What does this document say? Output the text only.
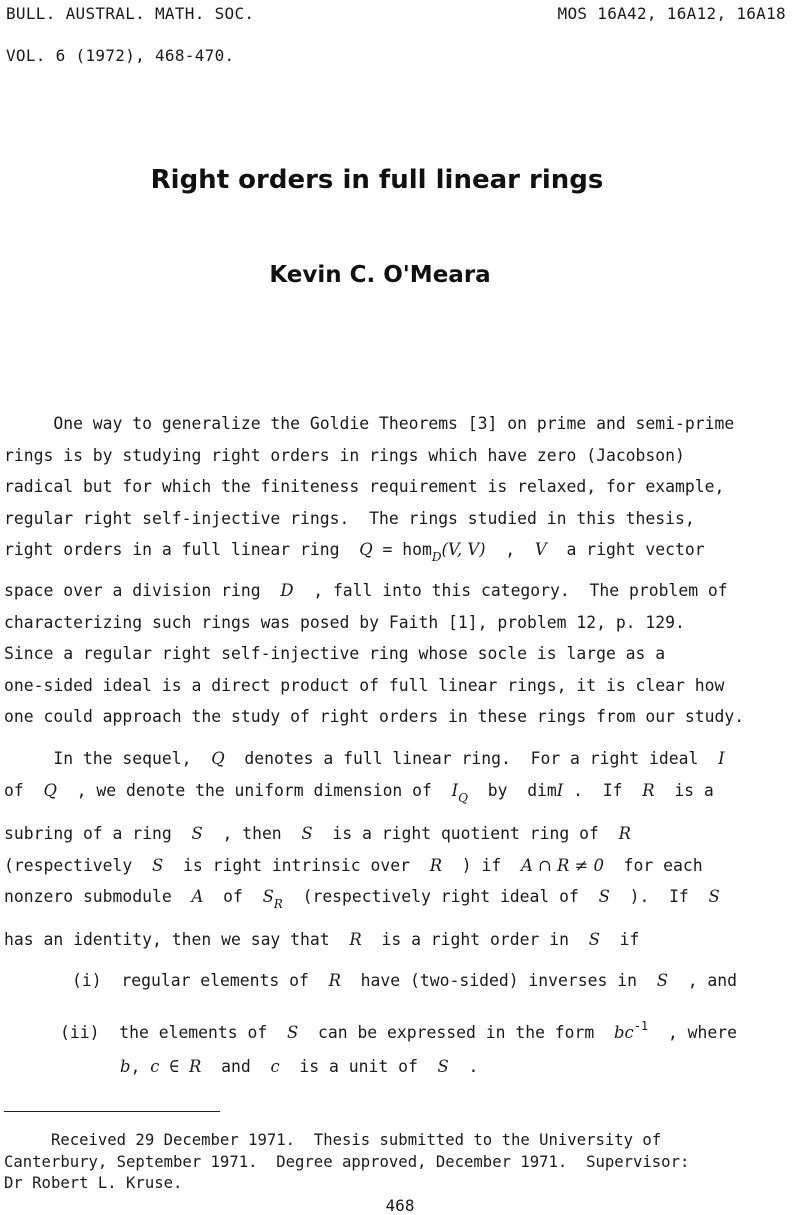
BULL. AUSTRAL. MATH. SOC.	MOS 16A42, 16A12, 16A18
VOL. 6 (1972), 468-470.
Right orders in full linear rings
Kevin C. O'Meara
One way to generalize the Goldie Theorems [3] on prime and semi-prime
rings is by studying right orders in rings which have zero (Jacobson)
radical but for which the finiteness requirement is relaxed, for example,
regular right self-injective rings.  The rings studied in this thesis,
right orders in a full linear ring  Q = hom$_D$(V, V)  ,  V  a right vector
space over a division ring  D  , fall into this category.  The problem of
characterizing such rings was posed by Faith [1], problem 12, p. 129.
Since a regular right self-injective ring whose socle is large as a
one-sided ideal is a direct product of full linear rings, it is clear how
one could approach the study of right orders in these rings from our study.
In the sequel,  Q  denotes a full linear ring.  For a right ideal  I
of  Q  , we denote the uniform dimension of  $I_Q$  by  dimI .  If  R  is a
subring of a ring  S  , then  S  is a right quotient ring of  R
(respectively  S  is right intrinsic over  R  ) if  A ∩ R ≠ 0  for each
nonzero submodule  A  of  $S_R$  (respectively right ideal of  S  ).  If  S
has an identity, then we say that  R  is a right order in  S  if
(i) regular elements of  R  have (two-sided) inverses in  S  , and
(ii) the elements of  S  can be expressed in the form  $bc^{-1}$  , where
b, c ∈ R  and  c  is a unit of  S  .
Received 29 December 1971.  Thesis submitted to the University of
Canterbury, September 1971.  Degree approved, December 1971.  Supervisor:
Dr Robert L. Kruse.
468
